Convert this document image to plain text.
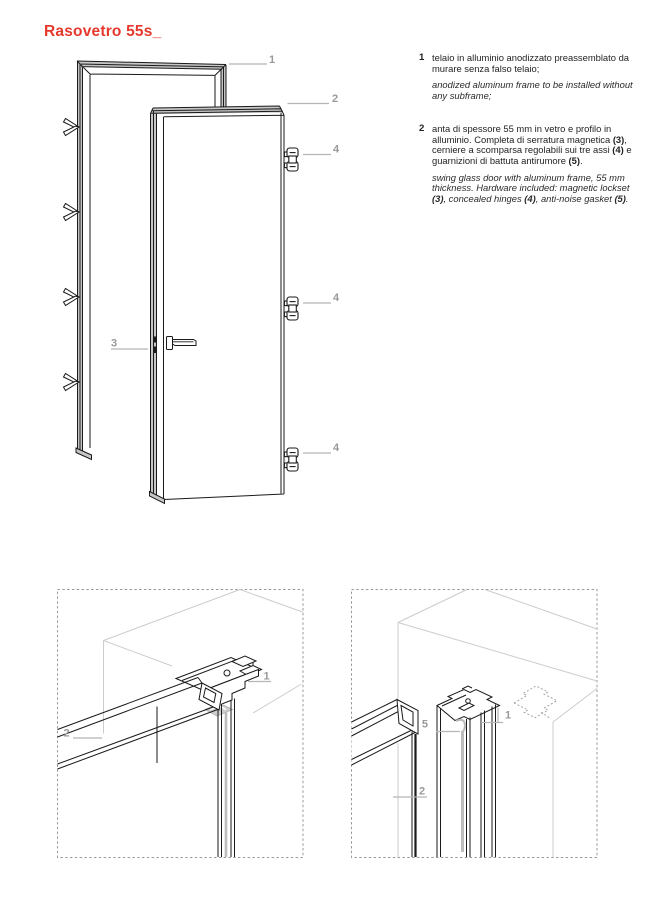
Rasovetro 55s_
1
2
4
4
4
3
1
2
5
1
2
1 telaio in alluminio anodizzato preassemblato da murare senza falso telaio;

anodized aluminum frame to be installed without any subframe;

2 anta di spessore 55 mm in vetro e profilo in alluminio. Completa di serratura magnetica (3), cerniere a scomparsa regolabili sui tre assi (4) e guarnizioni di battuta antirumore (5).

swing glass door with aluminum frame, 55 mm thickness. Hardware included: magnetic lockset (3), concealed hinges (4), anti-noise gasket (5).
